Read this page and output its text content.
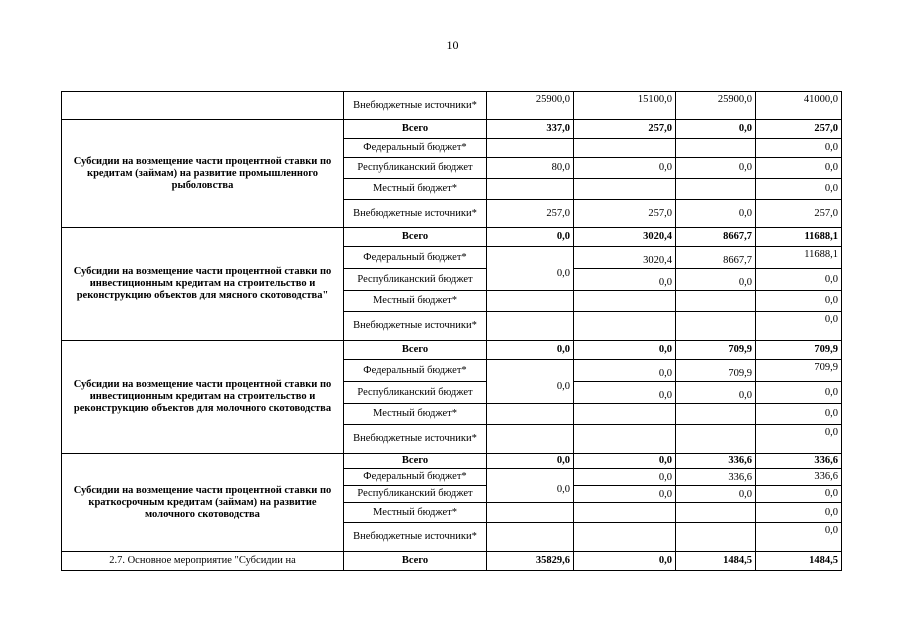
10
	Внебюджетные источники*	25900,0	15100,0	25900,0	41000,0
Субсидии на возмещение части процентной ставки по кредитам (займам) на развитие промышленного рыболовства	Всего	337,0	257,0	0,0	257,0
	Федеральный бюджет*				0,0
	Республиканский бюджет	80,0	0,0	0,0	0,0
	Местный бюджет*				0,0
	Внебюджетные источники*	257,0	257,0	0,0	257,0
Субсидии на возмещение части процентной ставки по инвестиционным кредитам на строительство и реконструкцию объектов для мясного скотоводства"	Всего	0,0	3020,4	8667,7	11688,1
	Федеральный бюджет*	0,0	3020,4	8667,7	11688,1
	Республиканский бюджет		0,0	0,0	0,0
	Местный бюджет*				0,0
	Внебюджетные источники*				0,0
Субсидии на возмещение части процентной ставки по инвестиционным кредитам на строительство и реконструкцию объектов для молочного скотоводства	Всего	0,0	0,0	709,9	709,9
	Федеральный бюджет*	0,0	0,0	709,9	709,9
	Республиканский бюджет		0,0	0,0	0,0
	Местный бюджет*				0,0
	Внебюджетные источники*				0,0
Субсидии на возмещение части процентной ставки по краткосрочным кредитам (займам) на развитие молочного скотоводства	Всего	0,0	0,0	336,6	336,6
	Федеральный бюджет*	0,0	0,0	336,6	336,6
	Республиканский бюджет		0,0	0,0	0,0
	Местный бюджет*				0,0
	Внебюджетные источники*				0,0
2.7. Основное мероприятие "Субсидии на	Всего	35829,6	0,0	1484,5	1484,5
